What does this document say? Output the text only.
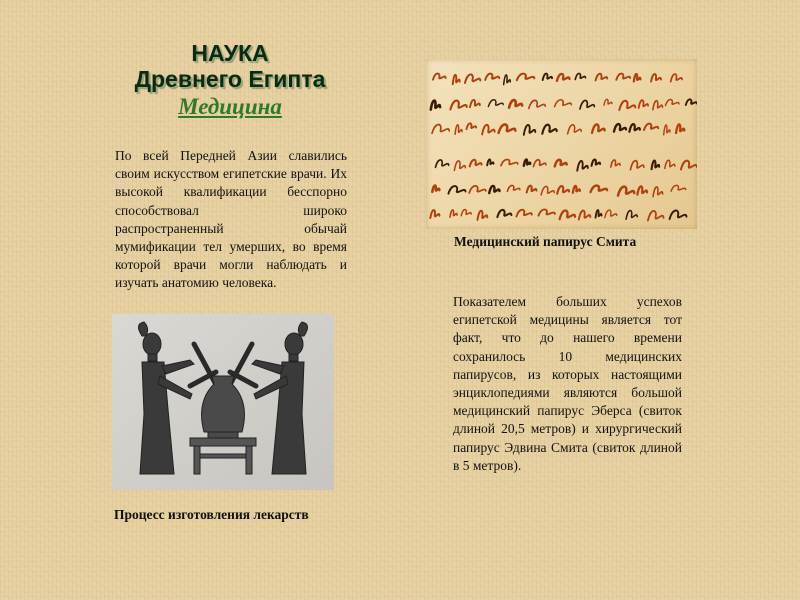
НАУКА
Древнего Египта
Медицина

По всей Передней Азии славились своим искусством египетские врачи. Их высокой квалификации бесспорно способствовал широко распространенный обычай мумификации тел умерших, во время которой врачи могли наблюдать и изучать анатомию человека.

Медицинский папирус Смита

Показателем больших успехов египетской медицины является тот факт, что до нашего времени сохранилось 10 медицинских папирусов, из которых настоящими энциклопедиями являются большой медицинский папирус Эберса (свиток длиной 20,5 метров) и хирургический папирус Эдвина Смита (свиток длиной в 5 метров).

Процесс изготовления лекарств
